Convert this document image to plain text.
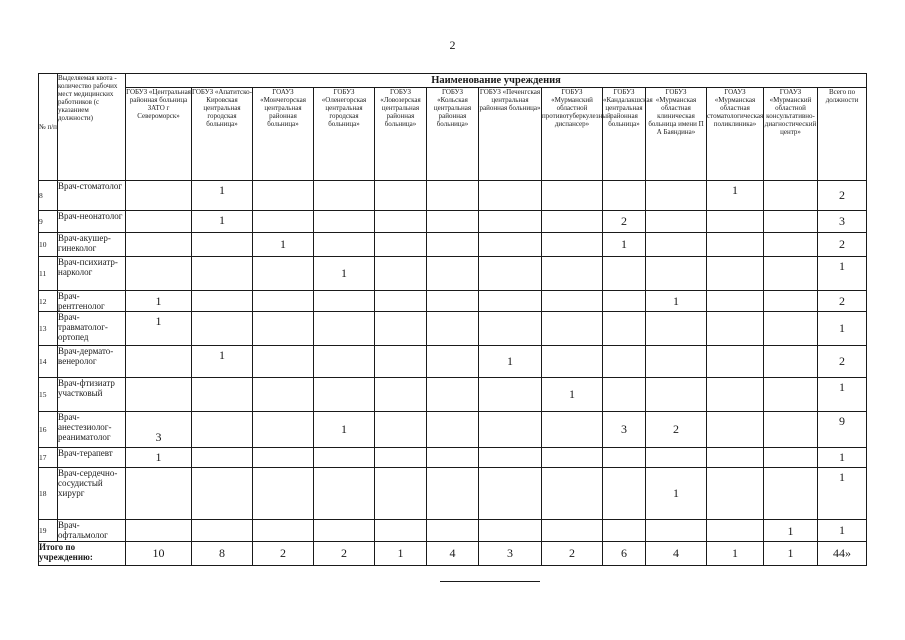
2
№ п/п	Выделяемая квота - количество рабочих мест медицинских работников (с указанием должности)	Наименование учреждения												
		ГОБУЗ «Центральная районная больница ЗАТО г Североморск»	ГОБУЗ «Апатитско-Кировская центральная городская больница»	ГОАУЗ «Мончегорская центральная районная больница»	ГОБУЗ «Оленегорская центральная городская больница»	ГОБУЗ «Ловозерская центральная районная больница»	ГОБУЗ «Кольская центральная районная больница»	ГОБУЗ «Печенгская центральная районная больница»	ГОБУЗ «Мурманский областной противотуберкулезный диспансер»	ГОБУЗ «Кандалакшская центральная районная больница»	ГОБУЗ «Мурманская областная клиническая больница имени П А Баяндина»	ГОАУЗ «Мурманская областная стоматологическая поликлиника»	ГОАУЗ «Мурманский областной консультативно-диагностический центр»	Всего по должности
8	Врач-стоматолог		1									1		2
9	Врач-неонатолог		1							2				3
10	Врач-акушер-гинеколог			1						1				2
11	Врач-психиатр-нарколог				1									1
12	Врач-рентгенолог	1									1			2
13	Врач-травматолог-ортопед	1												1
14	Врач-дермато-венеролог		1					1						2
15	Врач-фтизиатр участковый								1					1
16	Врач-анестезиолог-реаниматолог	3			1					3	2			9
17	Врач-терапевт	1												1
18	Врач-сердечно-сосудистый хирург										1			1
19	Врач-офтальмолог												1	1
Итого по учреждению:		10	8	2	2	1	4	3	2	6	4	1	1	44»
